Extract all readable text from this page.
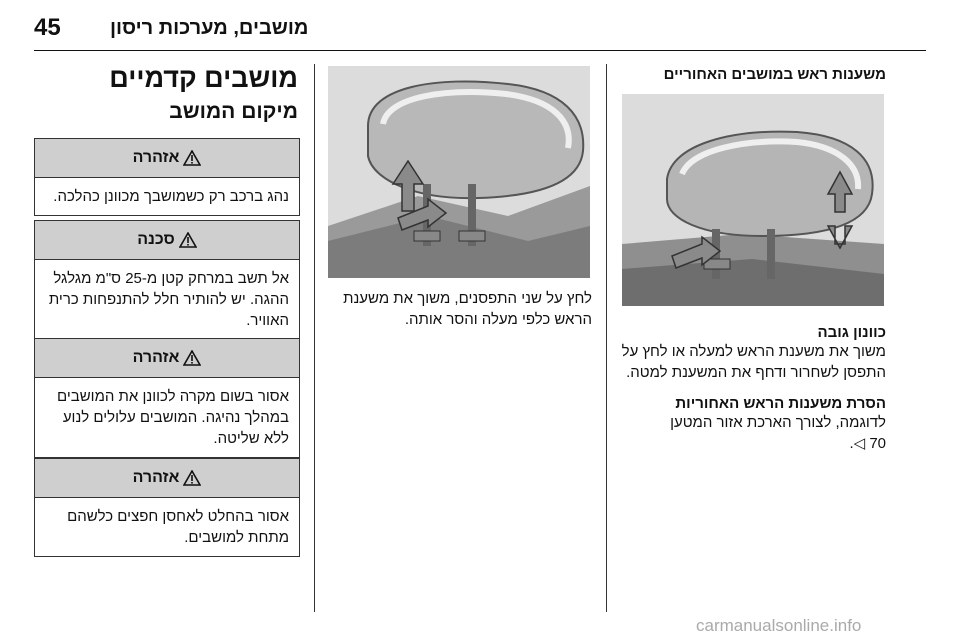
45 מושבים, מערכות ריסון
מושבים קדמיים
מיקום המושב
אזהרה
נהג ברכב רק כשמושבך מכוונן כהלכה.
סכנה
אל תשב במרחק קטן מ-25 ס"מ מגלגל ההגה. יש להותיר חלל להתנפחות כרית האוויר.
אזהרה
אסור בשום מקרה לכוונן את המושבים במהלך נהיגה. המושבים עלולים לנוע ללא שליטה.
אזהרה
אסור בהחלט לאחסן חפצים כלשהם מתחת למושבים.

לחץ על שני התפסנים, משוך את משענת הראש כלפי מעלה והסר אותה.

משענות ראש במושבים האחוריים
כוונון גובה

משוך את משענת הראש למעלה או לחץ על התפסן לשחרור ודחף את המשענת למטה.

הסרת משענות הראש האחוריות

לדוגמה, לצורך הארכת אזור המטען

70 ◁.

carmanualsonline.info
